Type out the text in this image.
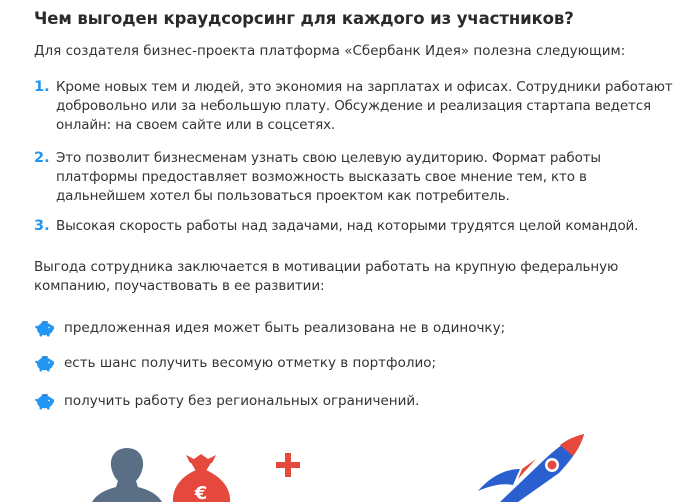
Чем выгоден краудсорсинг для каждого из участников?
Для создателя бизнес-проекта платформа «Сбербанк Идея» полезна следующим:
1. Кроме новых тем и людей, это экономия на зарплатах и офисах. Сотрудники работают добровольно или за небольшую плату. Обсуждение и реализация стартапа ведется онлайн: на своем сайте или в соцсетях.
2. Это позволит бизнесменам узнать свою целевую аудиторию. Формат работы платформы предоставляет возможность высказать свое мнение тем, кто в дальнейшем хотел бы пользоваться проектом как потребитель.
3. Высокая скорость работы над задачами, над которыми трудятся целой командой.
Выгода сотрудника заключается в мотивации работать на крупную федеральную компанию, поучаствовать в ее развитии:
предложенная идея может быть реализована не в одиночку;
есть шанс получить весомую отметку в портфолио;
получить работу без региональных ограничений.
€
